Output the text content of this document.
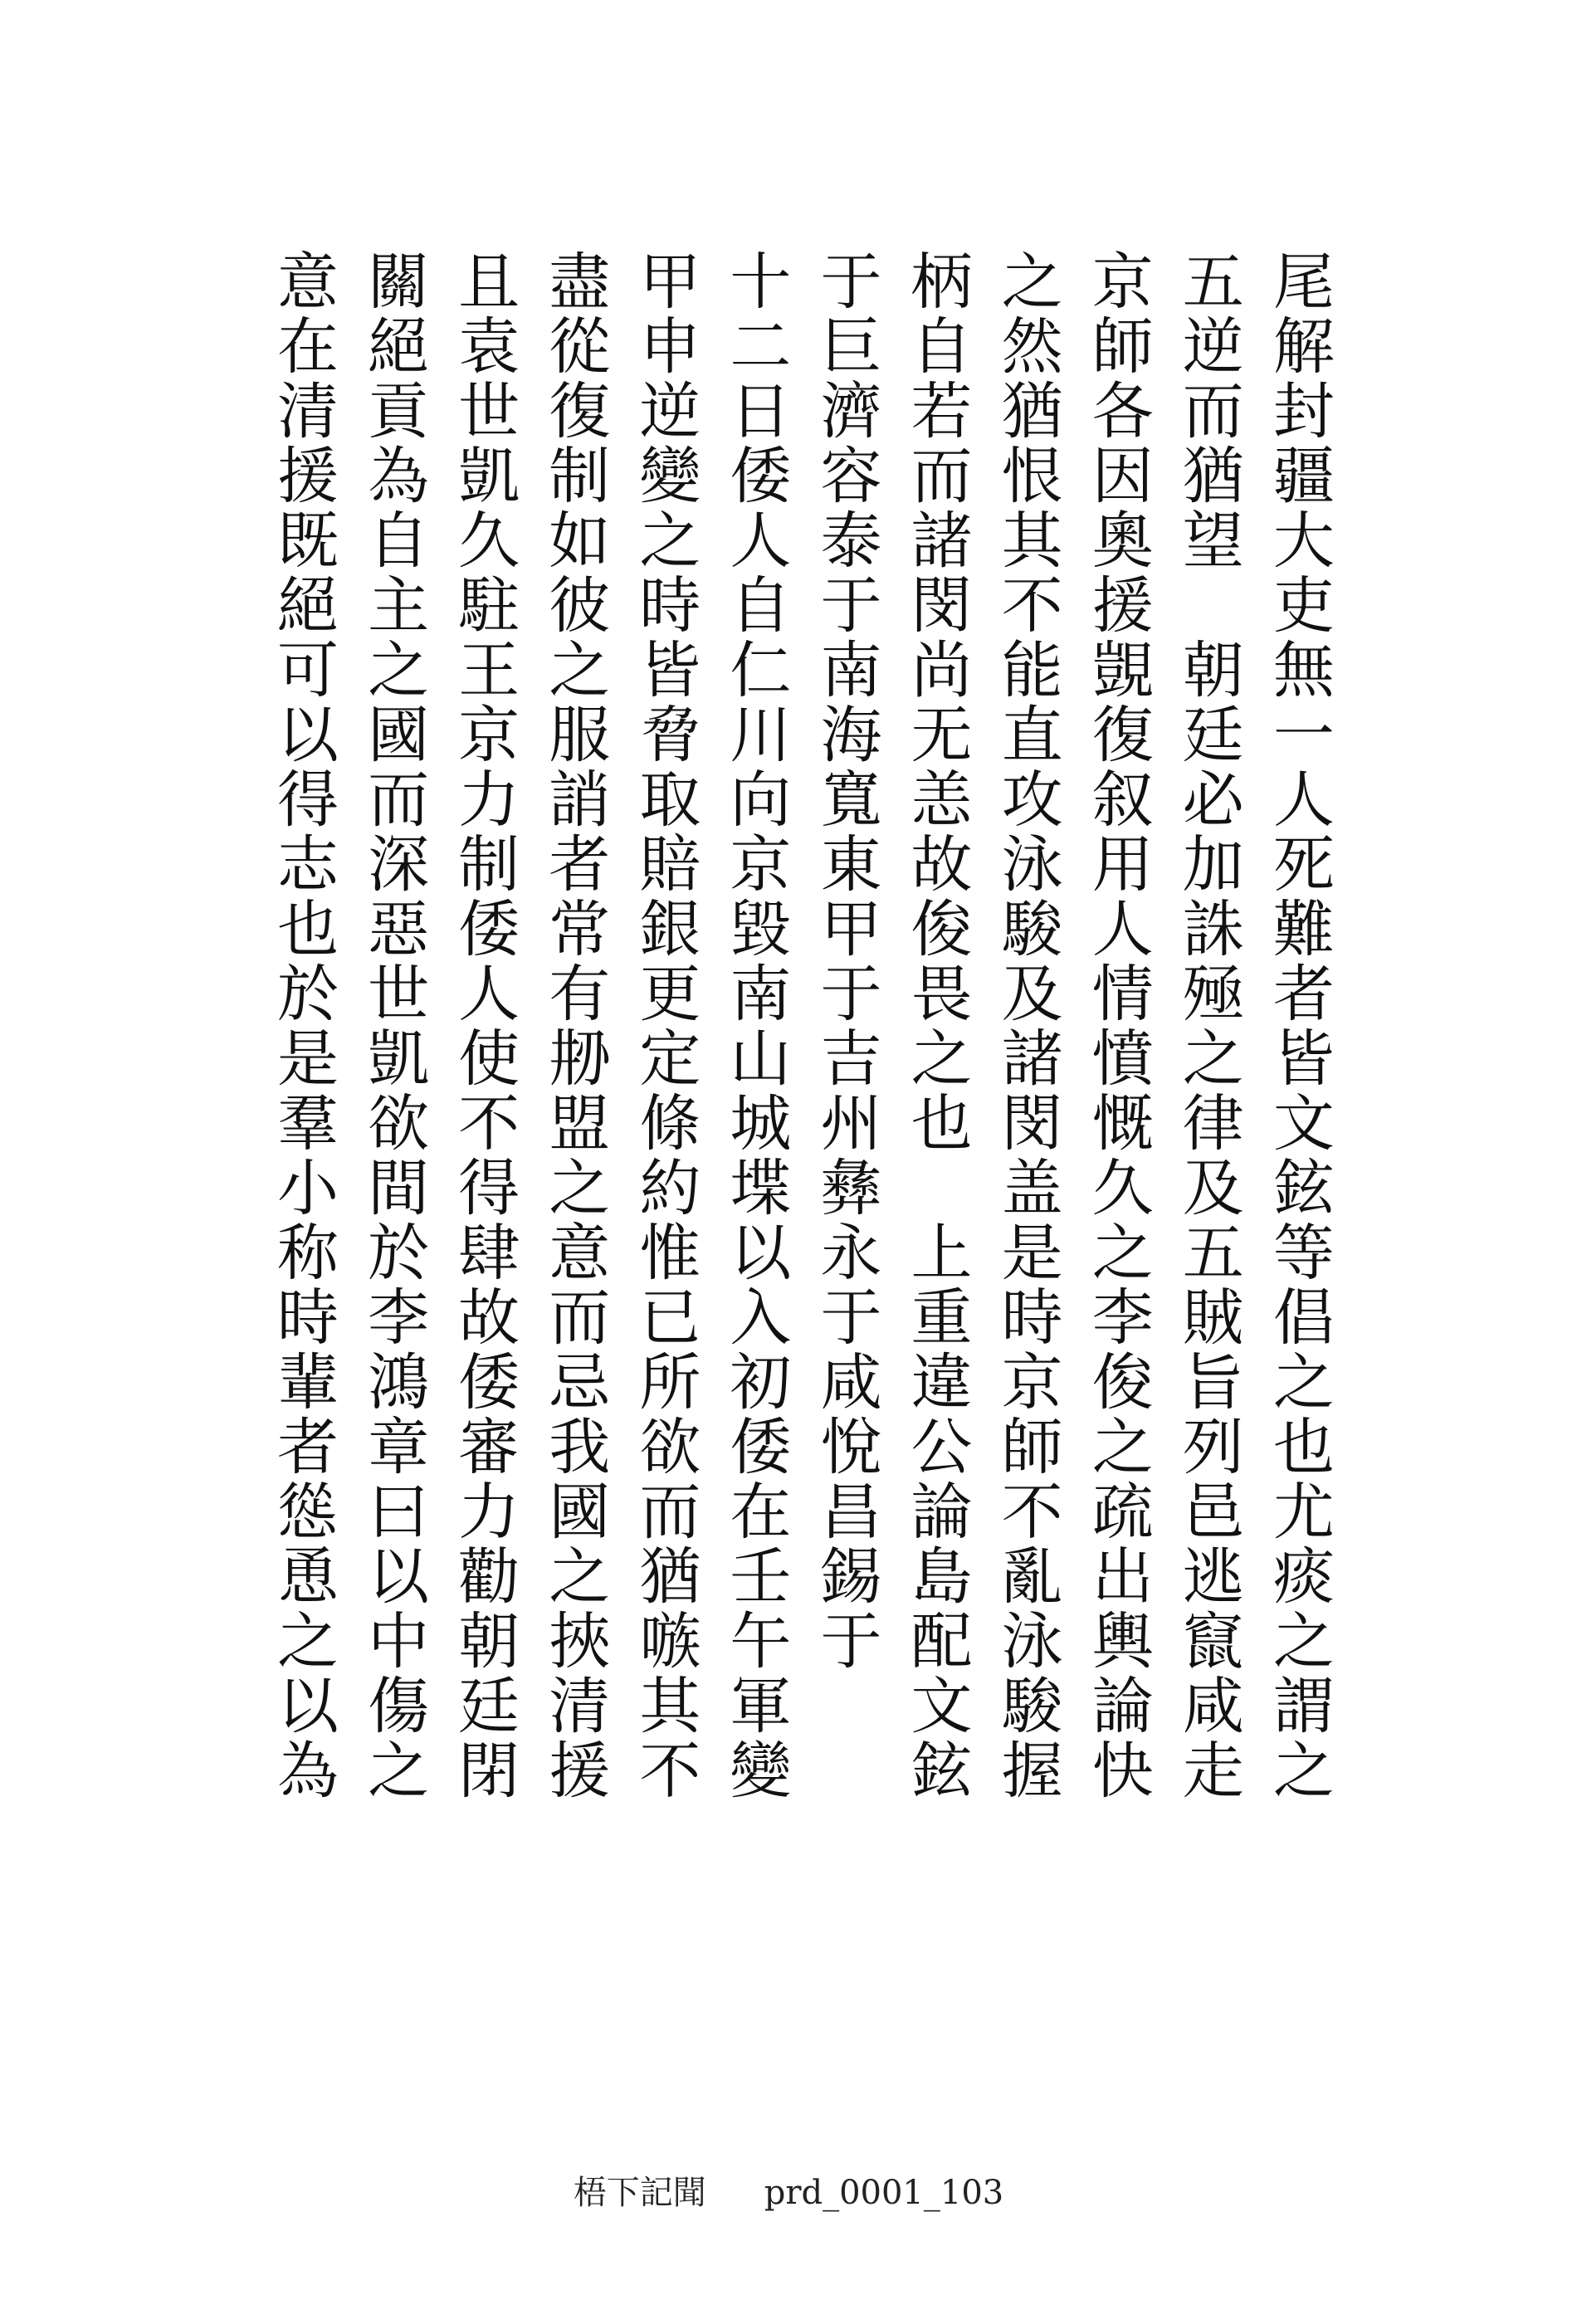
尾解封疆大吏無一人死難者皆文鉉等倡之也尤痰之謂之
五逆而猶望　朝廷必加誅殛之律及五賊旨列邑逃竄咸走
京師各因奧援覬復叙用人情憤慨久之李俊之疏出輿論快
之然猶恨其不能直攻泳駿及諸閔盖是時京師不亂泳駿握
柄自若而諸閔尚无恙故俊畏之也　上重違公論島配文鉉
于巨濟容泰于南海寬東甲于吉州彝永于咸悅昌錫于
十二日倭人自仁川向京毀南山城堞以入初倭在壬午軍變
甲申逆變之時皆脅取賠銀更定條約惟已所欲而猶嗾其不
盡從復制如彼之服誚者常有刱盟之意而忌我國之挾清援
且袁世凱久駐王京力制倭人使不得肆故倭審力勸朝廷閉
關絕貢為自主之國而深惡世凱欲間於李鴻章曰以中傷之
意在清援既絕可以得志也於是羣小称時輩者慫恿之以為
梧下記聞 prd_0001_103
